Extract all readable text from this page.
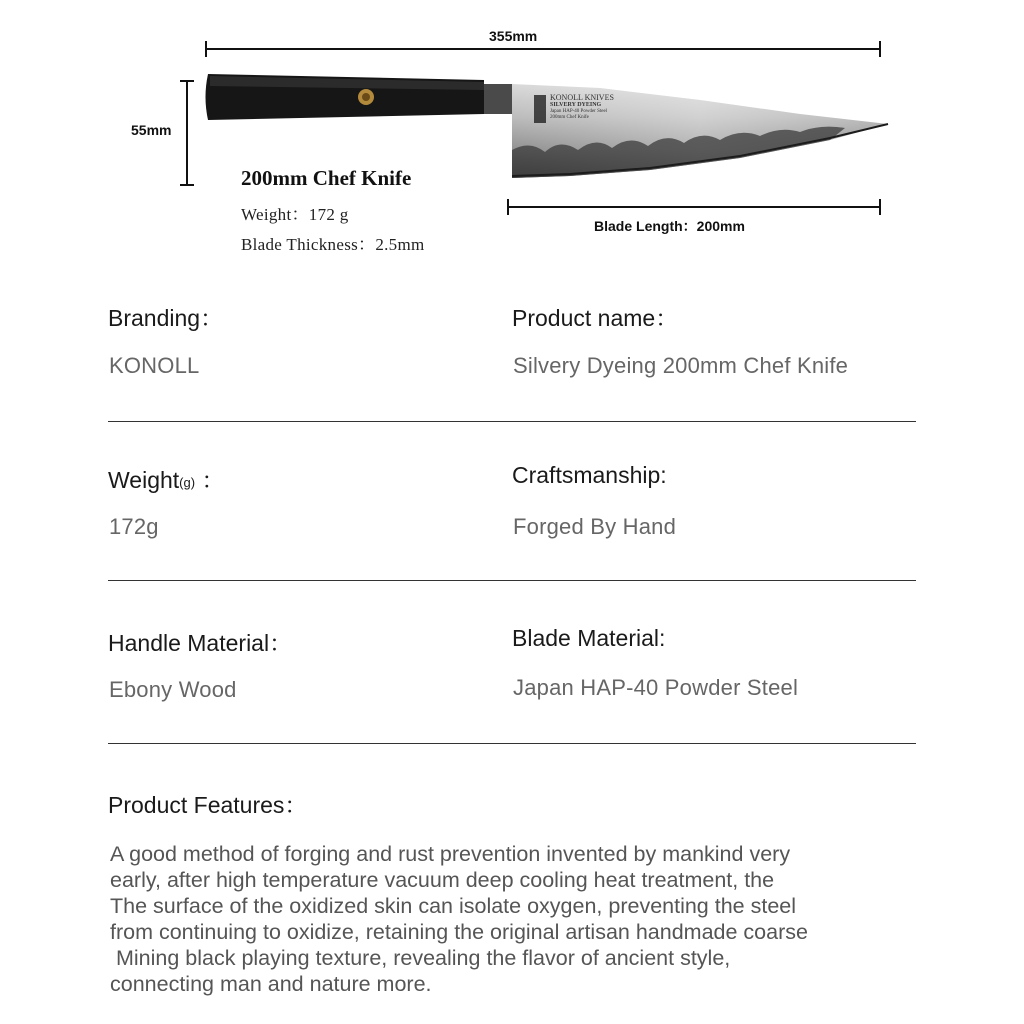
KONOLL KNIVES
SILVERY DYEING
Japan HAP-40 Powder Steel
200mm Chef Knife
355mm
55mm
Blade Length：200mm
200mm Chef Knife
Weight：172 g
Blade Thickness：2.5mm
Branding：
KONOLL
Product name：
Silvery Dyeing 200mm Chef Knife
Weight(g) ：
172g
Craftsmanship:
Forged By Hand
Handle Material：
Ebony Wood
Blade Material:
Japan HAP-40 Powder Steel
Product Features：
A good method of forging and rust prevention invented by mankind very
early, after high temperature vacuum deep cooling heat treatment, the
The surface of the oxidized skin can isolate oxygen, preventing the steel
from continuing to oxidize, retaining the original artisan handmade coarse
Mining black playing texture, revealing the flavor of ancient style,
connecting man and nature more.
